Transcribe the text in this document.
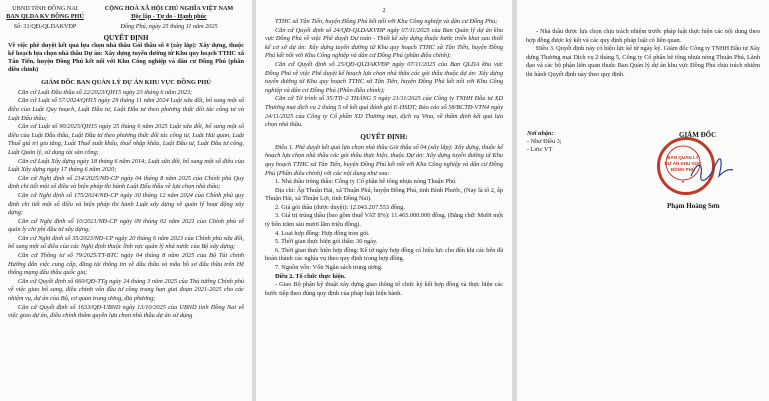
UBND TỈNH ĐỒNG NAI
BAN QLDA KV ĐỒNG PHÚ
Số: 31/QĐ-QLDAKVĐP
CỘNG HOÀ XÃ HỘI CHỦ NGHĨA VIỆT NAM
Độc lập - Tự do - Hạnh phúc
Đồng Phú, ngày 25 tháng 11 năm 2025
QUYẾT ĐỊNH

Về việc phê duyệt kết quả lựa chọn nhà thầu Gói thầu số 4 (xây lắp): Xây dựng, thuộc kế hoạch lựa chọn nhà thầu Dự án: Xây dựng tuyến đường từ Khu quy hoạch TTHC xã Tân Tiến, huyện Đồng Phú kết nối với Khu Công nghiệp và dân cư Đồng Phú (phần điều chỉnh)

GIÁM ĐỐC BAN QUẢN LÝ DỰ ÁN KHU VỰC ĐỒNG PHÚ

Căn cứ Luật Đầu thầu số 22/2023/QH15 ngày 23 tháng 6 năm 2023;

Căn cứ Luật số 57/2024/QH15 ngày 29 tháng 11 năm 2024 Luật sửa đổi, bổ sung một số điều của Luật Quy hoạch, Luật Đầu tư, Luật Đầu tư theo phương thức đối tác công tư và Luật Đấu thầu;

Căn cứ Luật số 90/2025/QH15 ngày 25 tháng 6 năm 2025 Luật sửa đổi, bổ sung một số điều của Luật Đấu thầu, Luật Đầu tư theo phương thức đối tác công tư, Luật Hải quan, Luật Thuế giá trị gia tăng, Luật Thuế xuất khẩu, thuế nhập khẩu, Luật Đầu tư, Luật Đầu tư công, Luật Quản lý, sử dụng tài sản công;

Căn cứ Luật Xây dựng ngày 18 tháng 6 năm 2014; Luật sửa đổi, bổ sung một số điều của Luật Xây dựng ngày 17 tháng 6 năm 2020;

Căn cứ Nghị định số 214/2025/NĐ-CP ngày 04 tháng 8 năm 2025 của Chính phủ Quy định chi tiết một số điều và biện pháp thi hành Luật Đấu thầu về lựa chọn nhà thầu;

Căn cứ Nghị định số 175/2024/NĐ-CP ngày 30 tháng 12 năm 2024 của Chính phủ quy định chi tiết một số điều và biện pháp thi hành Luật xây dựng về quản lý hoạt động xây dựng;

Căn cứ Nghị định số 10/2021/NĐ-CP ngày 09 tháng 02 năm 2021 của Chính phủ về quản lý chi phí đầu tư xây dựng;

Căn cứ Nghị định số 35/2023/NĐ-CP ngày 20 tháng 6 năm 2023 của Chính phủ sửa đổi, bổ sung một số điều của các Nghị định thuộc lĩnh vực quản lý nhà nước của Bộ xây dựng;

Căn cứ Thông tư số 79/2025/TT-BTC ngày 04 tháng 8 năm 2025 của Bộ Tài chính Hướng dẫn việc cung cấp, đăng tải thông tin về đấu thầu và mẫu hồ sơ đấu thầu trên Hệ thống mạng đấu thầu quốc gia;

Căn cứ Quyết định số 660/QĐ-TTg ngày 24 tháng 3 năm 2025 của Thủ tướng Chính phủ về việc giao bổ sung, điều chỉnh vốn đầu tư công trung hạn giai đoạn 2021-2025 cho các nhiệm vụ, dự án của Bộ, cơ quan trung ương, địa phương;

Căn cứ Quyết định số 1633/QĐ-UBND ngày 13/10/2025 của UBND tỉnh Đồng Nai về việc giao dự án, điều chỉnh thẩm quyền lựa chọn nhà thầu dự án sử dụng

2

TTHC xã Tân Tiến, huyện Đồng Phú kết nối với Khu Công nghiệp và dân cư Đồng Phú;

Căn cứ Quyết định số 24/QĐ-QLDAKVĐP ngày 07/11/2025 của Ban Quản lý dự án khu vực Đồng Phú về việc Phê duyệt Dự toán - Thiết kế xây dựng thuộc bước triển khai sau thiết kế cơ sở dự án: Xây dựng tuyến đường từ Khu quy hoạch TTHC xã Tân Tiến, huyện Đồng Phú kết nối với Khu Công nghiệp và dân cư Đồng Phú (phần điều chỉnh);

Căn cứ Quyết định số 25/QĐ-QLDAKVĐP ngày 07/11/2025 của Ban QLDA khu vực Đồng Phú về việc Phê duyệt kế hoạch lựa chọn nhà thầu các gói thầu thuộc dự án: Xây dựng tuyến đường từ Khu quy hoạch TTHC xã Tân Tiến, huyện Đồng Phú kết nối với Khu Công nghiệp và dân cư Đồng Phú (Phần điều chỉnh);

Căn cứ Tờ trình số 35/TTr-2 THÁNG 5 ngày 21/11/2025 của Công ty TNHH Đầu tư XD Thương mại dịch vụ 2 tháng 5 về kết quả đánh giá E-HSDT; Báo cáo số 58/BCTĐ-VTN4 ngày 24/11/2025 của Công ty Cổ phần XD Thương mại, dịch vụ Vina, về thẩm định kết quả lựa chọn nhà thầu.

QUYẾT ĐỊNH:

Điều 1. Phê duyệt kết quả lựa chọn nhà thầu Gói thầu số 04 (xây lắp): Xây dựng, thuộc kế hoạch lựa chọn nhà thầu các gói thầu thực hiện, thuộc Dự án: Xây dựng tuyến đường từ Khu quy hoạch TTHC xã Tân Tiến, huyện Đồng Phú kết nối với Khu Công nghiệp và dân cư Đồng Phú (Phần điều chỉnh) với các nội dung như sau:

1. Nhà thầu trúng thầu: Công ty Cổ phần bê tông nhựa nóng Thuận Phú.

Địa chỉ: Ấp Thuận Hải, xã Thuận Phú, huyện Đồng Phú, tỉnh Bình Phước, (Nay là tổ 2, ấp Thuận Hải, xã Thuận Lợi, tỉnh Đồng Nai).

2. Giá gói thầu (được duyệt): 12.043.207.553 đồng.

3. Giá trị trúng thầu (bao gồm thuế VAT 8%): 11.465.000.000 đồng. (Bằng chữ: Mười một tỷ bốn trăm sáu mươi lăm triệu đồng).

4. Loại hợp đồng: Hợp đồng trọn gói.

5. Thời gian thực hiện gói thầu: 30 ngày.

6. Thời gian thực hiện hợp đồng: Kể từ ngày hợp đồng có hiệu lực cho đến khi các bên đã hoàn thành các nghĩa vụ theo quy định trong hợp đồng.

7. Nguồn vốn: Vốn Ngân sách trung ương.

Điều 2. Tổ chức thực hiện.

- Giao Bộ phận kỹ thuật xây dựng giao thông tổ chức ký kết hợp đồng và thực hiện các bước tiếp theo đúng quy định của pháp luật hiện hành.

- Nhà thầu được lựa chọn chịu trách nhiệm trước pháp luật thực hiện các nội dung theo hợp đồng được ký kết và các quy định pháp luật có liên quan.

Điều 3. Quyết định này có hiệu lực kể từ ngày ký. Giám đốc Công ty TNHH Đầu tư Xây dựng Thương mại Dịch vụ 2 tháng 5, Công ty Cổ phần bê tông nhựa nóng Thuận Phú, Lãnh đạo và các bộ phận liên quan thuộc Ban Quản lý dự án khu vực Đồng Phú chịu trách nhiệm thi hành Quyết định này theo quy định.

Nơi nhận:
- Như Điều 3;
- Lưu: VT
GIÁM ĐỐC
BAN QUẢN LÝ
DỰ ÁN KHU VỰC
ĐỒNG PHÚ
★
Phạm Hoàng Sơn
